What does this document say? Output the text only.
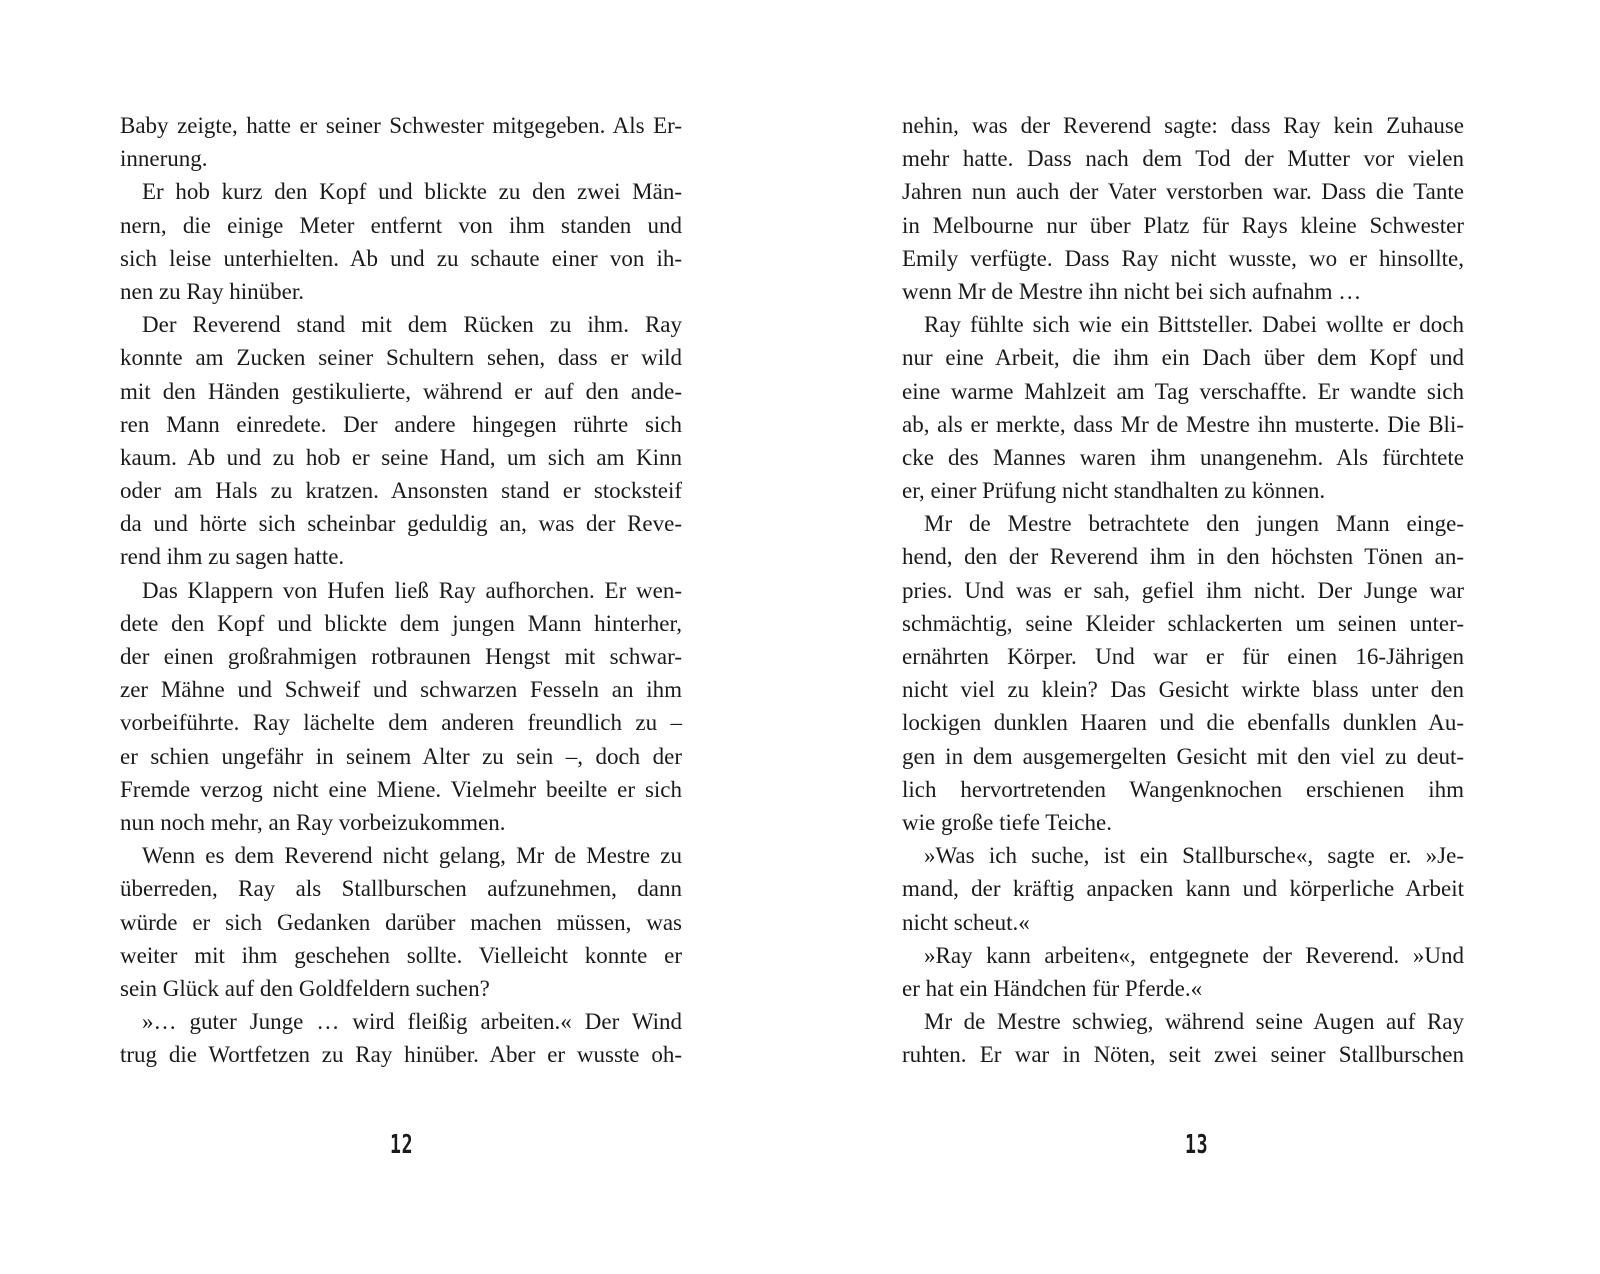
Baby zeigte, hatte er seiner Schwester mitgegeben. Als Er-
innerung.
Er hob kurz den Kopf und blickte zu den zwei Män-
nern, die einige Meter entfernt von ihm standen und
sich leise unterhielten. Ab und zu schaute einer von ih-
nen zu Ray hinüber.
Der Reverend stand mit dem Rücken zu ihm. Ray
konnte am Zucken seiner Schultern sehen, dass er wild
mit den Händen gestikulierte, während er auf den ande-
ren Mann einredete. Der andere hingegen rührte sich
kaum. Ab und zu hob er seine Hand, um sich am Kinn
oder am Hals zu kratzen. Ansonsten stand er stocksteif
da und hörte sich scheinbar geduldig an, was der Reve-
rend ihm zu sagen hatte.
Das Klappern von Hufen ließ Ray aufhorchen. Er wen-
dete den Kopf und blickte dem jungen Mann hinterher,
der einen großrahmigen rotbraunen Hengst mit schwar-
zer Mähne und Schweif und schwarzen Fesseln an ihm
vorbeiführte. Ray lächelte dem anderen freundlich zu –
er schien ungefähr in seinem Alter zu sein –, doch der
Fremde verzog nicht eine Miene. Vielmehr beeilte er sich
nun noch mehr, an Ray vorbeizukommen.
Wenn es dem Reverend nicht gelang, Mr de Mestre zu
überreden, Ray als Stallburschen aufzunehmen, dann
würde er sich Gedanken darüber machen müssen, was
weiter mit ihm geschehen sollte. Vielleicht konnte er
sein Glück auf den Goldfeldern suchen?
»… guter Junge … wird fleißig arbeiten.« Der Wind
trug die Wortfetzen zu Ray hinüber. Aber er wusste oh-
12
nehin, was der Reverend sagte: dass Ray kein Zuhause
mehr hatte. Dass nach dem Tod der Mutter vor vielen
Jahren nun auch der Vater verstorben war. Dass die Tante
in Melbourne nur über Platz für Rays kleine Schwester
Emily verfügte. Dass Ray nicht wusste, wo er hinsollte,
wenn Mr de Mestre ihn nicht bei sich aufnahm …
Ray fühlte sich wie ein Bittsteller. Dabei wollte er doch
nur eine Arbeit, die ihm ein Dach über dem Kopf und
eine warme Mahlzeit am Tag verschaffte. Er wandte sich
ab, als er merkte, dass Mr de Mestre ihn musterte. Die Bli-
cke des Mannes waren ihm unangenehm. Als fürchtete
er, einer Prüfung nicht standhalten zu können.
Mr de Mestre betrachtete den jungen Mann einge-
hend, den der Reverend ihm in den höchsten Tönen an-
pries. Und was er sah, gefiel ihm nicht. Der Junge war
schmächtig, seine Kleider schlackerten um seinen unter-
ernährten Körper. Und war er für einen 16-Jährigen
nicht viel zu klein? Das Gesicht wirkte blass unter den
lockigen dunklen Haaren und die ebenfalls dunklen Au-
gen in dem ausgemergelten Gesicht mit den viel zu deut-
lich hervortretenden Wangenknochen erschienen ihm
wie große tiefe Teiche.
»Was ich suche, ist ein Stallbursche«, sagte er. »Je-
mand, der kräftig anpacken kann und körperliche Arbeit
nicht scheut.«
»Ray kann arbeiten«, entgegnete der Reverend. »Und
er hat ein Händchen für Pferde.«
Mr de Mestre schwieg, während seine Augen auf Ray
ruhten. Er war in Nöten, seit zwei seiner Stallburschen
13
